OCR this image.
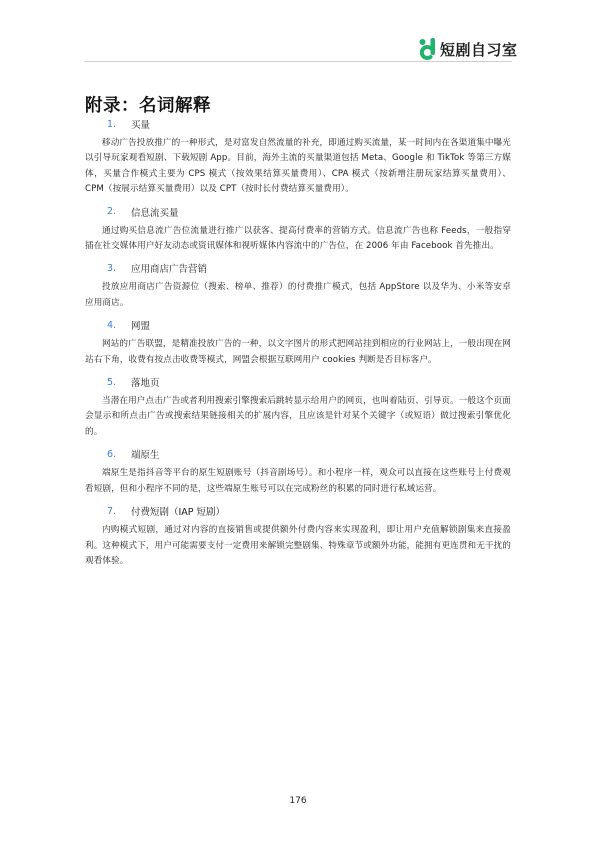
短剧自习室
附录：名词解释
1.	买量

移动广告投放推广的一种形式，是对富发自然流量的补充，即通过购买流量，某一时间内在各渠道集中曝光以引导玩家观看短剧、下载短剧 App。目前，海外主流的买量渠道包括 Meta、Google 和 TikTok 等第三方媒体，买量合作模式主要为 CPS 模式（按效果结算买量费用）、CPA 模式（按新增注册玩家结算买量费用）、CPM（按展示结算买量费用）以及 CPT（按时长付费结算买量费用）。

2.	信息流买量

通过购买信息流广告位流量进行推广以获客、提高付费率的营销方式。信息流广告也称 Feeds，一般指穿插在社交媒体用户好友动态或资讯媒体和视听媒体内容流中的广告位，在 2006 年由 Facebook 首先推出。

3.	应用商店广告营销

投放应用商店广告资源位（搜索、榜单、推荐）的付费推广模式，包括 AppStore 以及华为、小米等安卓应用商店。

4.	网盟

网站的广告联盟，是精准投放广告的一种，以文字图片的形式把网站挂到相应的行业网站上，一般出现在网站右下角，收费有按点击收费等模式，网盟会根据互联网用户 cookies 判断是否目标客户。

5.	落地页

当潜在用户点击广告或者利用搜索引擎搜索后跳转显示给用户的网页，也叫着陆页、引导页。一般这个页面会显示和所点击广告或搜索结果链接相关的扩展内容，且应该是针对某个关键字（或短语）做过搜索引擎优化的。

6.	端原生

端原生是指抖音等平台的原生短剧账号（抖音剧场号）。和小程序一样，观众可以直接在这些账号上付费观看短剧，但和小程序不同的是，这些端原生账号可以在完成粉丝的积累的同时进行私域运营。

7.	付费短剧（IAP 短剧）

内购模式短剧，通过对内容的直接销售或提供额外付费内容来实现盈利，即让用户充值解锁剧集来直接盈利。这种模式下，用户可能需要支付一定费用来解锁完整剧集、特殊章节或额外功能，能拥有更连贯和无干扰的观看体验。

176
